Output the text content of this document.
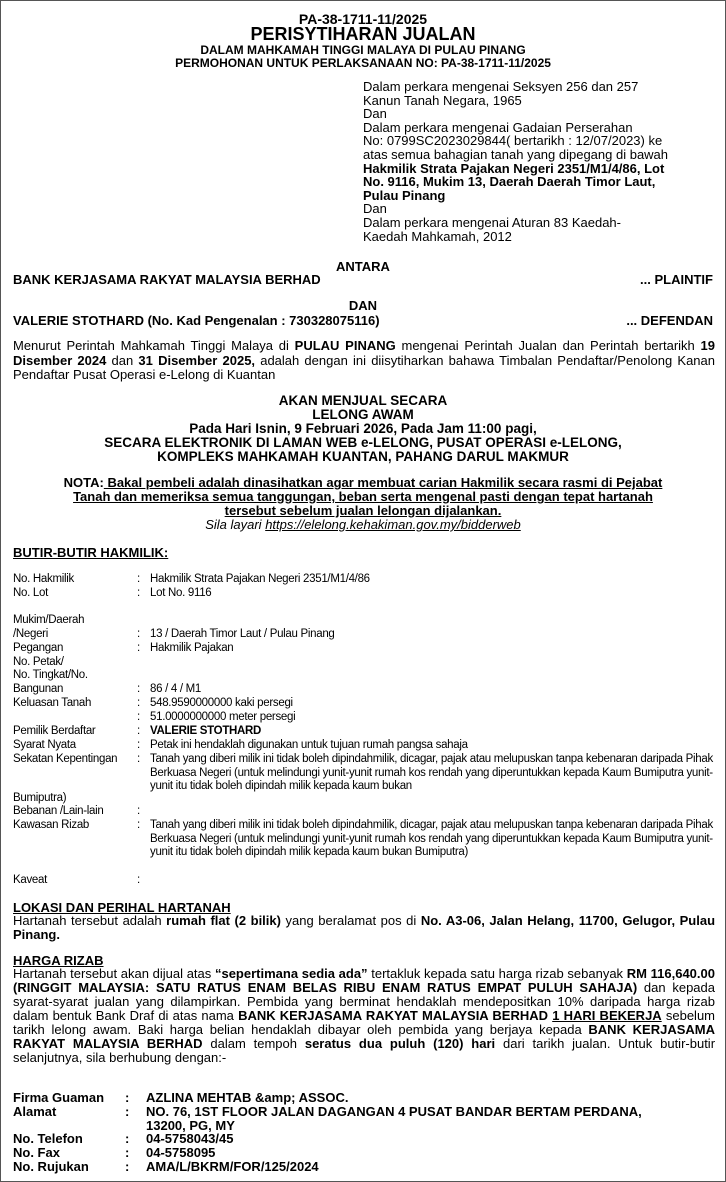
PA-38-1711-11/2025
PERISYTIHARAN JUALAN
DALAM MAHKAMAH TINGGI MALAYA DI PULAU PINANG
PERMOHONAN UNTUK PERLAKSANAAN NO: PA-38-1711-11/2025
Dalam perkara mengenai Seksyen 256 dan 257
Kanun Tanah Negara, 1965
Dan
Dalam perkara mengenai Gadaian Perserahan
No: 0799SC2023029844( bertarikh : 12/07/2023) ke
atas semua bahagian tanah yang dipegang di bawah
Hakmilik Strata Pajakan Negeri 2351/M1/4/86, Lot
No. 9116, Mukim 13, Daerah Daerah Timor Laut,
Pulau Pinang
Dan
Dalam perkara mengenai Aturan 83 Kaedah-
Kaedah Mahkamah, 2012
ANTARA
BANK KERJASAMA RAKYAT MALAYSIA BERHAD	... PLAINTIF
DAN
VALERIE STOTHARD (No. Kad Pengenalan : 730328075116)	... DEFENDAN
Menurut Perintah Mahkamah Tinggi Malaya di PULAU PINANG mengenai Perintah Jualan dan Perintah bertarikh 19 Disember 2024 dan 31 Disember 2025, adalah dengan ini diisytiharkan bahawa Timbalan Pendaftar/Penolong Kanan Pendaftar Pusat Operasi e-Lelong di Kuantan
AKAN MENJUAL SECARA
LELONG AWAM
Pada Hari Isnin, 9 Februari 2026, Pada Jam 11:00 pagi,
SECARA ELEKTRONIK DI LAMAN WEB e-LELONG, PUSAT OPERASI e-LELONG,
KOMPLEKS MAHKAMAH KUANTAN, PAHANG DARUL MAKMUR
NOTA: Bakal pembeli adalah dinasihatkan agar membuat carian Hakmilik secara rasmi di Pejabat
Tanah dan memeriksa semua tanggungan, beban serta mengenal pasti dengan tepat hartanah
tersebut sebelum jualan lelongan dijalankan.
Sila layari https://elelong.kehakiman.gov.my/bidderweb
BUTIR-BUTIR HAKMILIK:
No. Hakmilik	: Hakmilik Strata Pajakan Negeri 2351/M1/4/86
No. Lot	: Lot No. 9116
Mukim/Daerah
/Negeri	: 13 / Daerah Timor Laut / Pulau Pinang
Pegangan	: Hakmilik Pajakan
No. Petak/
No. Tingkat/No.
Bangunan	: 86 / 4 / M1
Keluasan Tanah	: 548.9590000000 kaki persegi
: 51.0000000000 meter persegi
Pemilik Berdaftar	: VALERIE STOTHARD
Syarat Nyata	: Petak ini hendaklah digunakan untuk tujuan rumah pangsa sahaja
Sekatan Kepentingan : Tanah yang diberi milik ini tidak boleh dipindahmilik, dicagar, pajak atau melupuskan tanpa kebenaran daripada Pihak Berkuasa Negeri (untuk melindungi yunit-yunit rumah kos rendah yang diperuntukkan kepada Kaum Bumiputra yunit-yunit itu tidak boleh dipindah milik kepada kaum bukan
Bumiputra)
Bebanan /Lain-lain	:
Kawasan Rizab	: Tanah yang diberi milik ini tidak boleh dipindahmilik, dicagar, pajak atau melupuskan tanpa kebenaran daripada Pihak Berkuasa Negeri (untuk melindungi yunit-yunit rumah kos rendah yang diperuntukkan kepada Kaum Bumiputra yunit-yunit itu tidak boleh dipindah milik kepada kaum bukan Bumiputra)
Kaveat	:
LOKASI DAN PERIHAL HARTANAH
Hartanah tersebut adalah rumah flat (2 bilik) yang beralamat pos di No. A3-06, Jalan Helang, 11700, Gelugor, Pulau Pinang.
HARGA RIZAB
Hartanah tersebut akan dijual atas “sepertimana sedia ada” tertakluk kepada satu harga rizab sebanyak RM 116,640.00 (RINGGIT MALAYSIA: SATU RATUS ENAM BELAS RIBU ENAM RATUS EMPAT PULUH SAHAJA) dan kepada syarat-syarat jualan yang dilampirkan. Pembida yang berminat hendaklah mendepositkan 10% daripada harga rizab dalam bentuk Bank Draf di atas nama BANK KERJASAMA RAKYAT MALAYSIA BERHAD 1 HARI BEKERJA sebelum tarikh lelong awam. Baki harga belian hendaklah dibayar oleh pembida yang berjaya kepada BANK KERJASAMA RAKYAT MALAYSIA BERHAD dalam tempoh seratus dua puluh (120) hari dari tarikh jualan. Untuk butir-butir selanjutnya, sila berhubung dengan:-
Firma Guaman : AZLINA MEHTAB &amp; ASSOC.
Alamat	: NO. 76, 1ST FLOOR JALAN DAGANGAN 4 PUSAT BANDAR BERTAM PERDANA,
13200, PG, MY
No. Telefon	: 04-5758043/45
No. Fax	: 04-5758095
No. Rujukan	: AMA/L/BKRM/FOR/125/2024
